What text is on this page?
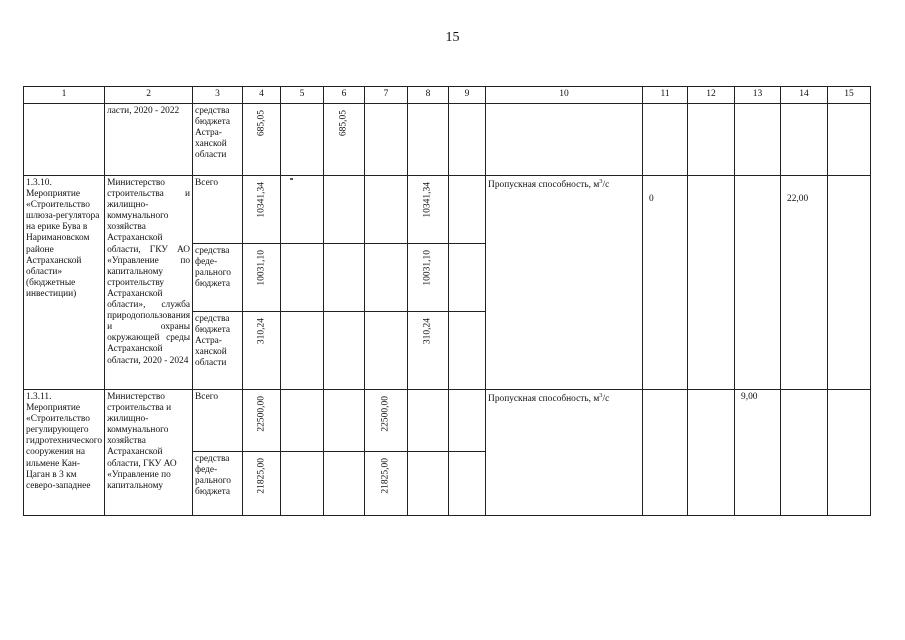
15
1	2	3	4	5	6	7	8	9	10	11	12	13	14	15
	ласти, 2020 - 2022	средства бюджета Астра-ханской области	685,05		685,05									

1.3.10. Мероприятие «Строительство шлюза-регулятора на ерике Бува в Наримановском районе Астраханской области» (бюджетные инвестиции)	Министерство строительства и жилищно-коммунального хозяйства Астраханской области, ГКУ АО «Управление по капитальному строительству Астраханской области», служба природопользования и охраны окружающей среды Астраханской области, 2020 - 2024	Всего	10341,34				10341,34		Пропускная способность, $м^3/с$	0			22,00	
		средства феде-рального бюджета	10031,10				10031,10							

		средства бюджета Астра-ханской области	310,24				310,24							

1.3.11. Мероприятие «Строительство регулирующего гидротехнического сооружения на ильмене Кан-Цаган в 3 км северо-западнее	Министерство строительства и жилищно-коммунального хозяйства Астраханской области, ГКУ АО «Управление по капитальному	Всего	22500,00			22500,00			Пропускная способность, $м^3/с$			9,00		
		средства феде-рального бюджета	21825,00			21825,00								
